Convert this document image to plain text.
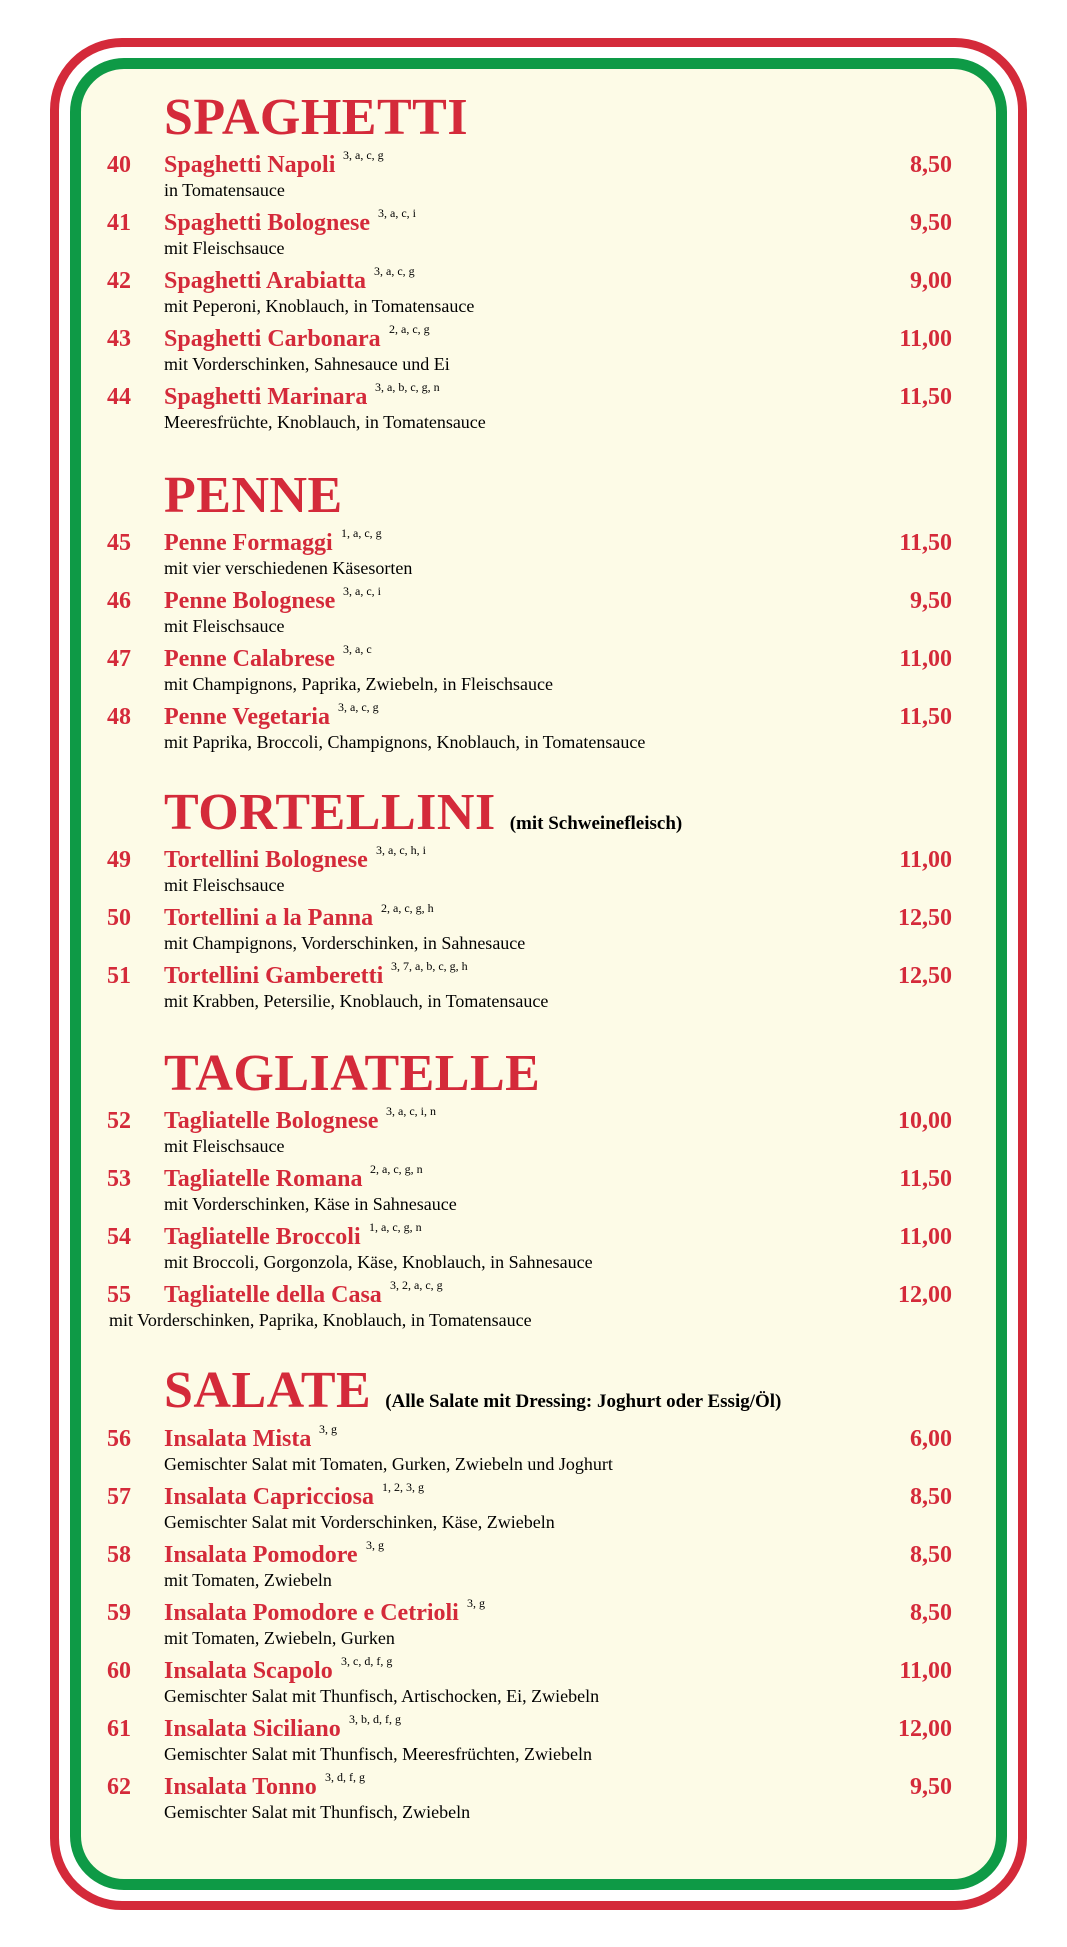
SPAGHETTI
40 Spaghetti Napoli 3, a, c, g
in Tomatensauce
8,50
41 Spaghetti Bolognese 3, a, c, i
mit Fleischsauce
9,50
42 Spaghetti Arabiatta 3, a, c, g
mit Peperoni, Knoblauch, in Tomatensauce
9,00
43 Spaghetti Carbonara 2, a, c, g
mit Vorderschinken, Sahnesauce und Ei
11,00
44 Spaghetti Marinara 3, a, b, c, g, n
Meeresfrüchte, Knoblauch, in Tomatensauce
11,50
PENNE
45 Penne Formaggi 1, a, c, g
mit vier verschiedenen Käsesorten
11,50
46 Penne Bolognese 3, a, c, i
mit Fleischsauce
9,50
47 Penne Calabrese 3, a, c
mit Champignons, Paprika, Zwiebeln, in Fleischsauce
11,00
48 Penne Vegetaria 3, a, c, g
mit Paprika, Broccoli, Champignons, Knoblauch, in Tomatensauce
11,50
TORTELLINI (mit Schweinefleisch)
49 Tortellini Bolognese 3, a, c, h, i
mit Fleischsauce
11,00
50 Tortellini a la Panna 2, a, c, g, h
mit Champignons, Vorderschinken, in Sahnesauce
12,50
51 Tortellini Gamberetti 3, 7, a, b, c, g, h
mit Krabben, Petersilie, Knoblauch, in Tomatensauce
12,50
TAGLIATELLE
52 Tagliatelle Bolognese 3, a, c, i, n
mit Fleischsauce
10,00
53 Tagliatelle Romana 2, a, c, g, n
mit Vorderschinken, Käse in Sahnesauce
11,50
54 Tagliatelle Broccoli 1, a, c, g, n
mit Broccoli, Gorgonzola, Käse, Knoblauch, in Sahnesauce
11,00
55 Tagliatelle della Casa 3, 2, a, c, g
mit Vorderschinken, Paprika, Knoblauch, in Tomatensauce
12,00
SALATE (Alle Salate mit Dressing: Joghurt oder Essig/Öl)
56 Insalata Mista 3, g
Gemischter Salat mit Tomaten, Gurken, Zwiebeln und Joghurt
6,00
57 Insalata Capricciosa 1, 2, 3, g
Gemischter Salat mit Vorderschinken, Käse, Zwiebeln
8,50
58 Insalata Pomodore 3, g
mit Tomaten, Zwiebeln
8,50
59 Insalata Pomodore e Cetrioli 3, g
mit Tomaten, Zwiebeln, Gurken
8,50
60 Insalata Scapolo 3, c, d, f, g
Gemischter Salat mit Thunfisch, Artischocken, Ei, Zwiebeln
11,00
61 Insalata Siciliano 3, b, d, f, g
Gemischter Salat mit Thunfisch, Meeresfrüchten, Zwiebeln
12,00
62 Insalata Tonno 3, d, f, g
Gemischter Salat mit Thunfisch, Zwiebeln
9,50
